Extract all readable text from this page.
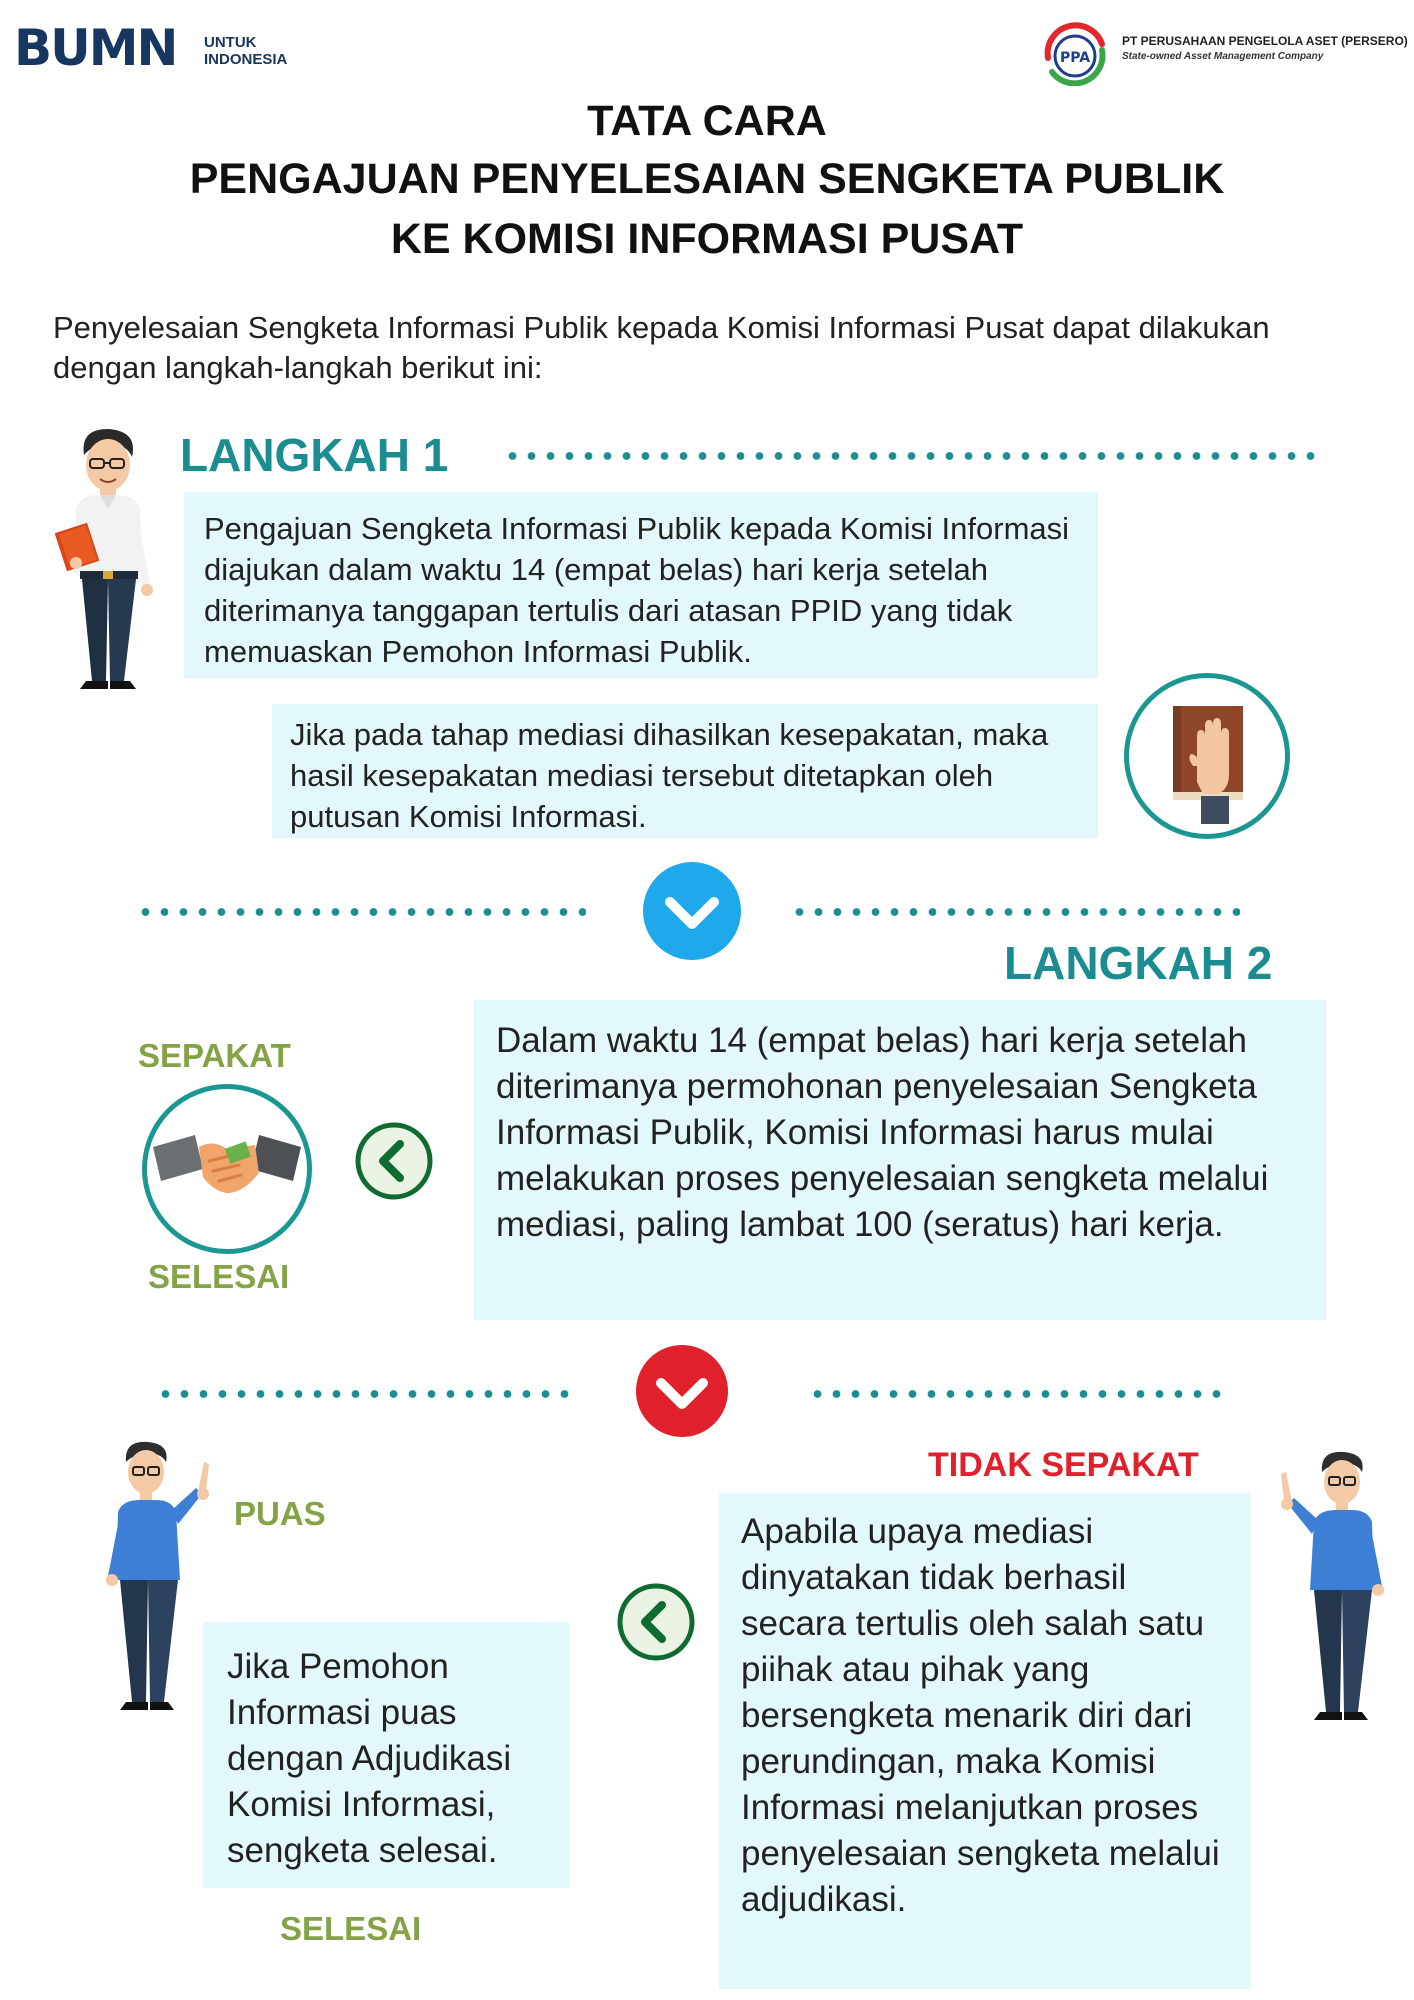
BUMN UNTUK
INDONESIA	PPA
PT PERUSAHAAN PENGELOLA ASET (PERSERO)
State-owned Asset Management Company
TATA CARA
PENGAJUAN PENYELESAIAN SENGKETA PUBLIK
KE KOMISI INFORMASI PUSAT
Penyelesaian Sengketa Informasi Publik kepada Komisi Informasi Pusat dapat dilakukan dengan langkah-langkah berikut ini:
LANGKAH 1
Pengajuan Sengketa Informasi Publik kepada Komisi Informasi diajukan dalam waktu 14 (empat belas) hari kerja setelah diterimanya tanggapan tertulis dari atasan PPID yang tidak memuaskan Pemohon Informasi Publik.
Jika pada tahap mediasi dihasilkan kesepakatan, maka hasil kesepakatan mediasi tersebut ditetapkan oleh putusan Komisi Informasi.
LANGKAH 2
SEPAKAT
SELESAI
Dalam waktu 14 (empat belas) hari kerja setelah diterimanya permohonan penyelesaian Sengketa Informasi Publik, Komisi Informasi harus mulai melakukan proses penyelesaian sengketa melalui mediasi, paling lambat 100 (seratus) hari kerja.
PUAS
Jika Pemohon Informasi puas dengan Adjudikasi Komisi Informasi, sengketa selesai.
SELESAI
TIDAK SEPAKAT
Apabila upaya mediasi dinyatakan tidak berhasil secara tertulis oleh salah satu piihak atau pihak yang bersengketa menarik diri dari perundingan, maka Komisi Informasi melanjutkan proses penyelesaian sengketa melalui adjudikasi.
